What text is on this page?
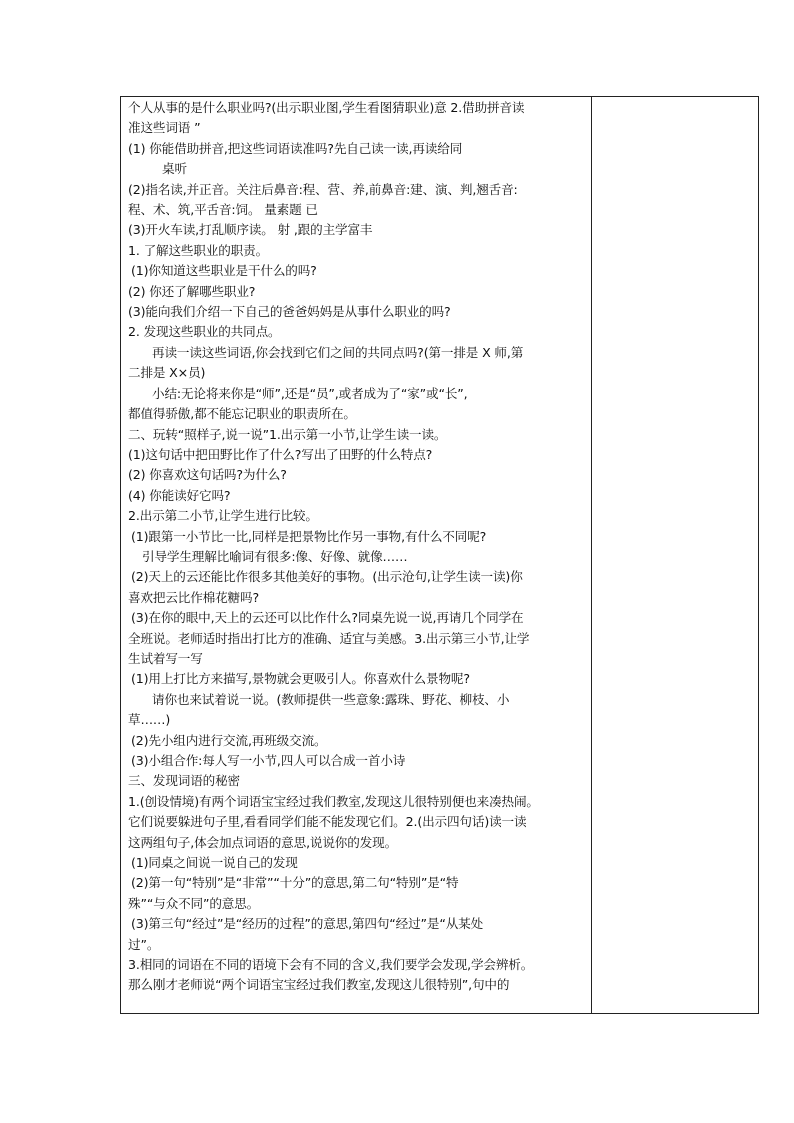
个人从事的是什么职业吗?(出示职业图,学生看图猜职业)意 2.借助拼音读
准这些词语 ”
(1) 你能借助拼音,把这些词语读准吗?先自己读一读,再读给同
桌听
(2)指名读,并正音。关注后鼻音:程、营、养,前鼻音:建、演、判,翘舌音:
程、术、筑,平舌音:饲。 量素题 已
(3)开火车读,打乱顺序读。 射 ,跟的主学富丰
1. 了解这些职业的职责。
(1)你知道这些职业是干什么的吗?
(2) 你还了解哪些职业?
(3)能向我们介绍一下自己的爸爸妈妈是从事什么职业的吗?
2. 发现这些职业的共同点。
再读一读这些词语,你会找到它们之间的共同点吗?(第一排是 X 师,第
二排是 X×员)
小结:无论将来你是“师”,还是“员”,或者成为了“家”或“长”,
都值得骄傲,都不能忘记职业的职责所在。
二、玩转“照样子,说一说”1.出示第一小节,让学生读一读。
(1)这句话中把田野比作了什么?写出了田野的什么特点?
(2) 你喜欢这句话吗?为什么?
(4) 你能读好它吗?
2.出示第二小节,让学生进行比较。
(1)跟第一小节比一比,同样是把景物比作另一事物,有什么不同呢?
引导学生理解比喻词有很多:像、好像、就像……
(2)天上的云还能比作很多其他美好的事物。(出示沧句,让学生读一读)你
喜欢把云比作棉花糖吗?
(3)在你的眼中,天上的云还可以比作什么?同桌先说一说,再请几个同学在
全班说。老师适时指出打比方的准确、适宜与美感。3.出示第三小节,让学
生试着写一写
(1)用上打比方来描写,景物就会更吸引人。你喜欢什么景物呢?
请你也来试着说一说。(教师提供一些意象:露珠、野花、柳枝、小
草……)
(2)先小组内进行交流,再班级交流。
(3)小组合作:每人写一小节,四人可以合成一首小诗
三、发现词语的秘密
1.(创设情境)有两个词语宝宝经过我们教室,发现这儿很特别便也来凑热闹。
它们说要躲进句子里,看看同学们能不能发现它们。2.(出示四句话)读一读
这两组句子,体会加点词语的意思,说说你的发现。
(1)同桌之间说一说自己的发现
(2)第一句“特别”是“非常”“十分”的意思,第二句“特别”是“特
殊”“与众不同”的意思。
(3)第三句“经过”是“经历的过程”的意思,第四句“经过”是“从某处
过”。
3.相同的词语在不同的语境下会有不同的含义,我们要学会发现,学会辨析。
那么刚才老师说“两个词语宝宝经过我们教室,发现这儿很特别”,句中的
